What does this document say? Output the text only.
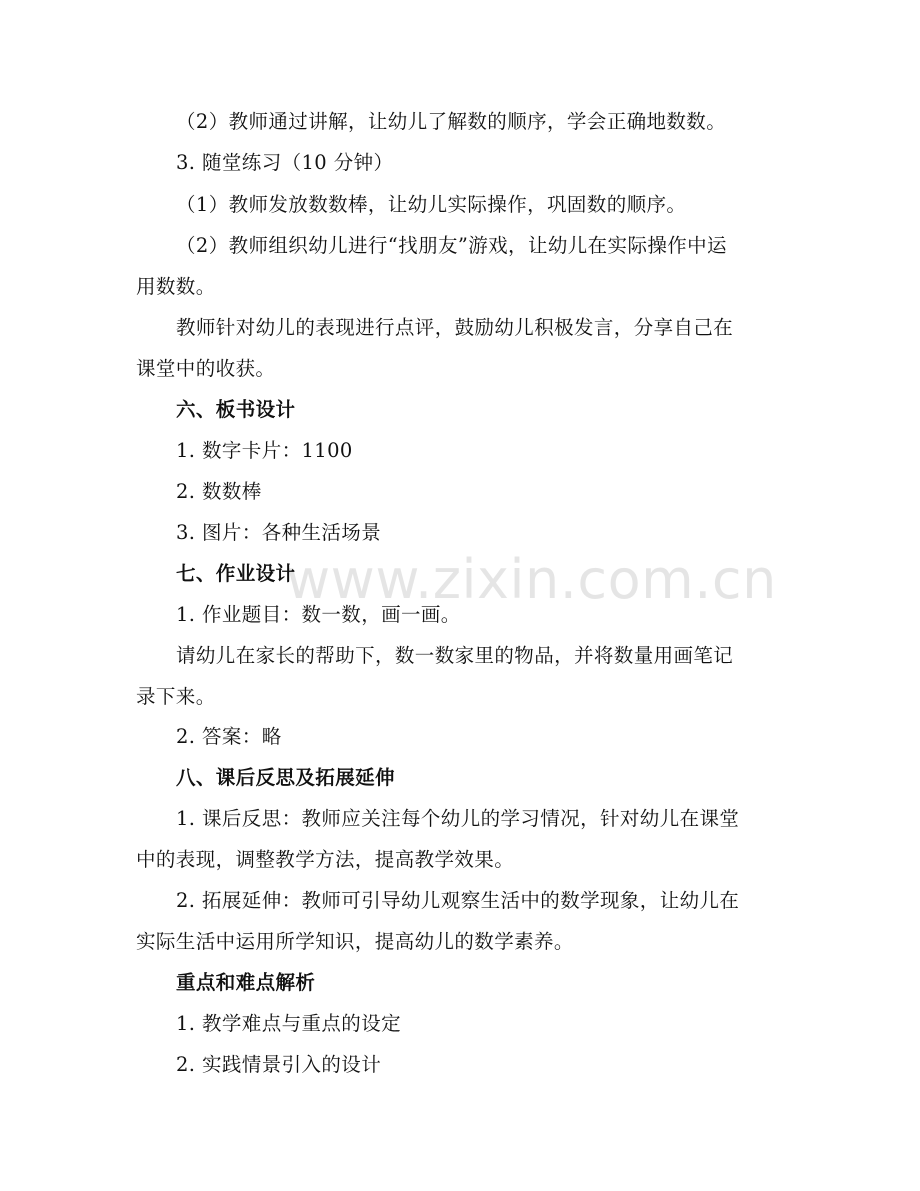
（2）教师通过讲解，让幼儿了解数的顺序，学会正确地数数。
3. 随堂练习（10 分钟）
（1）教师发放数数棒，让幼儿实际操作，巩固数的顺序。
（2）教师组织幼儿进行“找朋友”游戏，让幼儿在实际操作中运
用数数。
教师针对幼儿的表现进行点评，鼓励幼儿积极发言，分享自己在
课堂中的收获。
六、板书设计
1. 数字卡片：1100
2. 数数棒
3. 图片：各种生活场景
七、作业设计
1. 作业题目：数一数，画一画。
请幼儿在家长的帮助下，数一数家里的物品，并将数量用画笔记
录下来。
2. 答案：略
八、课后反思及拓展延伸
1. 课后反思：教师应关注每个幼儿的学习情况，针对幼儿在课堂
中的表现，调整教学方法，提高教学效果。
2. 拓展延伸：教师可引导幼儿观察生活中的数学现象，让幼儿在
实际生活中运用所学知识，提高幼儿的数学素养。
重点和难点解析
1. 教学难点与重点的设定
2. 实践情景引入的设计
www.zixin.com.cn
